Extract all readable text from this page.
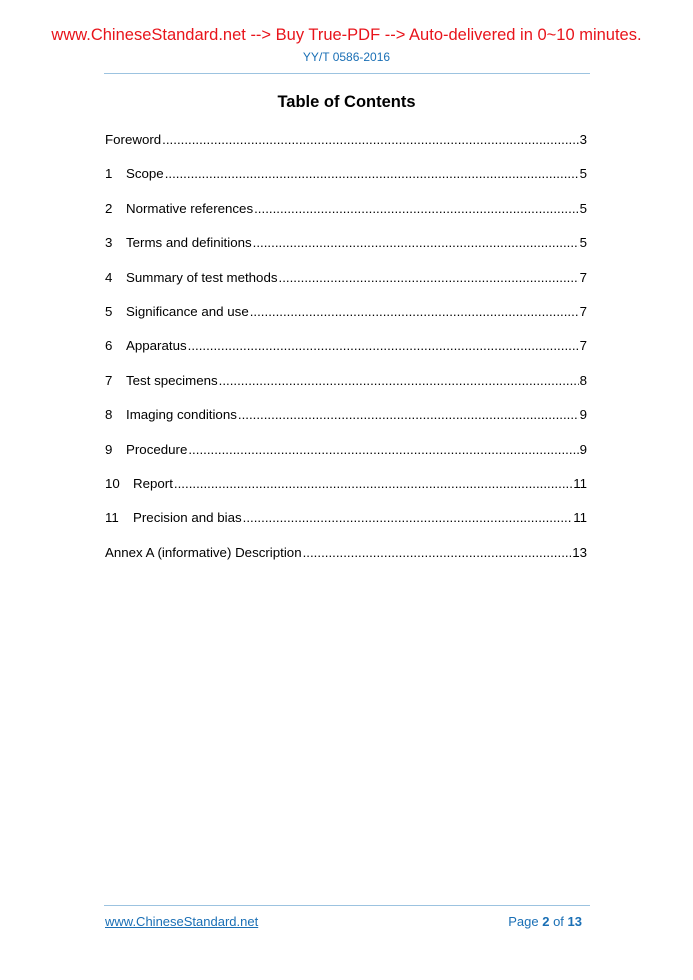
www.ChineseStandard.net --> Buy True-PDF --> Auto-delivered in 0~10 minutes.
YY/T 0586-2016
Table of Contents
Foreword .....	3
1	Scope .....	5
2	Normative references .....	5
3	Terms and definitions .....	5
4	Summary of test methods .....	7
5	Significance and use .....	7
6	Apparatus .....	7
7	Test specimens .....	8
8	Imaging conditions .....	9
9	Procedure .....	9
10 Report .....	11
11	Precision and bias .....	11
Annex A (informative) Description .....	13
www.ChineseStandard.net	Page 2 of 13
